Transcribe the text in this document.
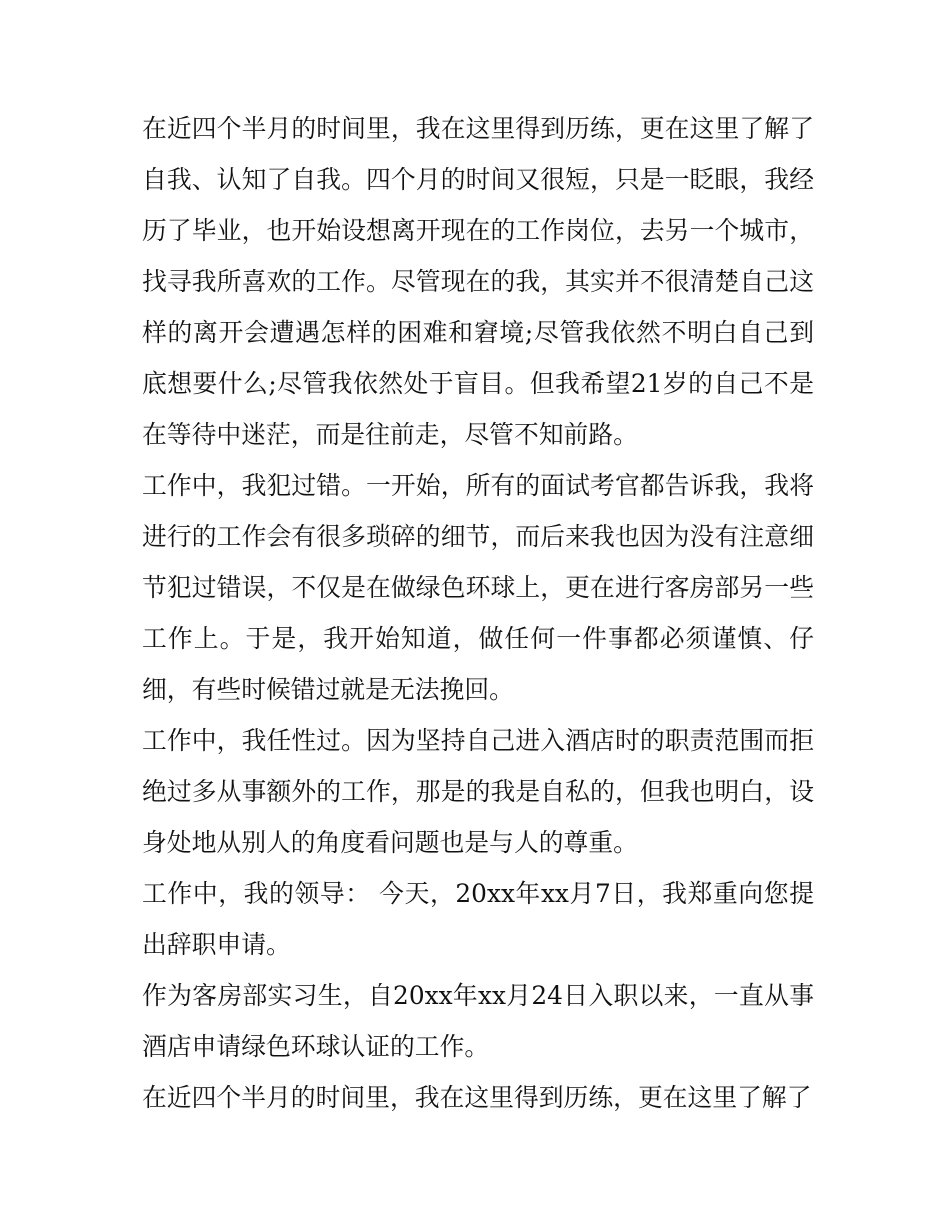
在近四个半月的时间里，我在这里得到历练，更在这里了解了自我、认知了自我。四个月的时间又很短，只是一眨眼，我经历了毕业，也开始设想离开现在的工作岗位，去另一个城市，找寻我所喜欢的工作。尽管现在的我，其实并不很清楚自己这样的离开会遭遇怎样的困难和窘境;尽管我依然不明白自己到底想要什么;尽管我依然处于盲目。但我希望21岁的自己不是在等待中迷茫，而是往前走，尽管不知前路。

工作中，我犯过错。一开始，所有的面试考官都告诉我，我将进行的工作会有很多琐碎的细节，而后来我也因为没有注意细节犯过错误，不仅是在做绿色环球上，更在进行客房部另一些工作上。于是，我开始知道，做任何一件事都必须谨慎、仔细，有些时候错过就是无法挽回。

工作中，我任性过。因为坚持自己进入酒店时的职责范围而拒绝过多从事额外的工作，那是的我是自私的，但我也明白，设身处地从别人的角度看问题也是与人的尊重。

工作中，我的领导： 今天，20xx年xx月7日，我郑重向您提出辞职申请。

作为客房部实习生，自20xx年xx月24日入职以来，一直从事酒店申请绿色环球认证的工作。

在近四个半月的时间里，我在这里得到历练，更在这里了解了
